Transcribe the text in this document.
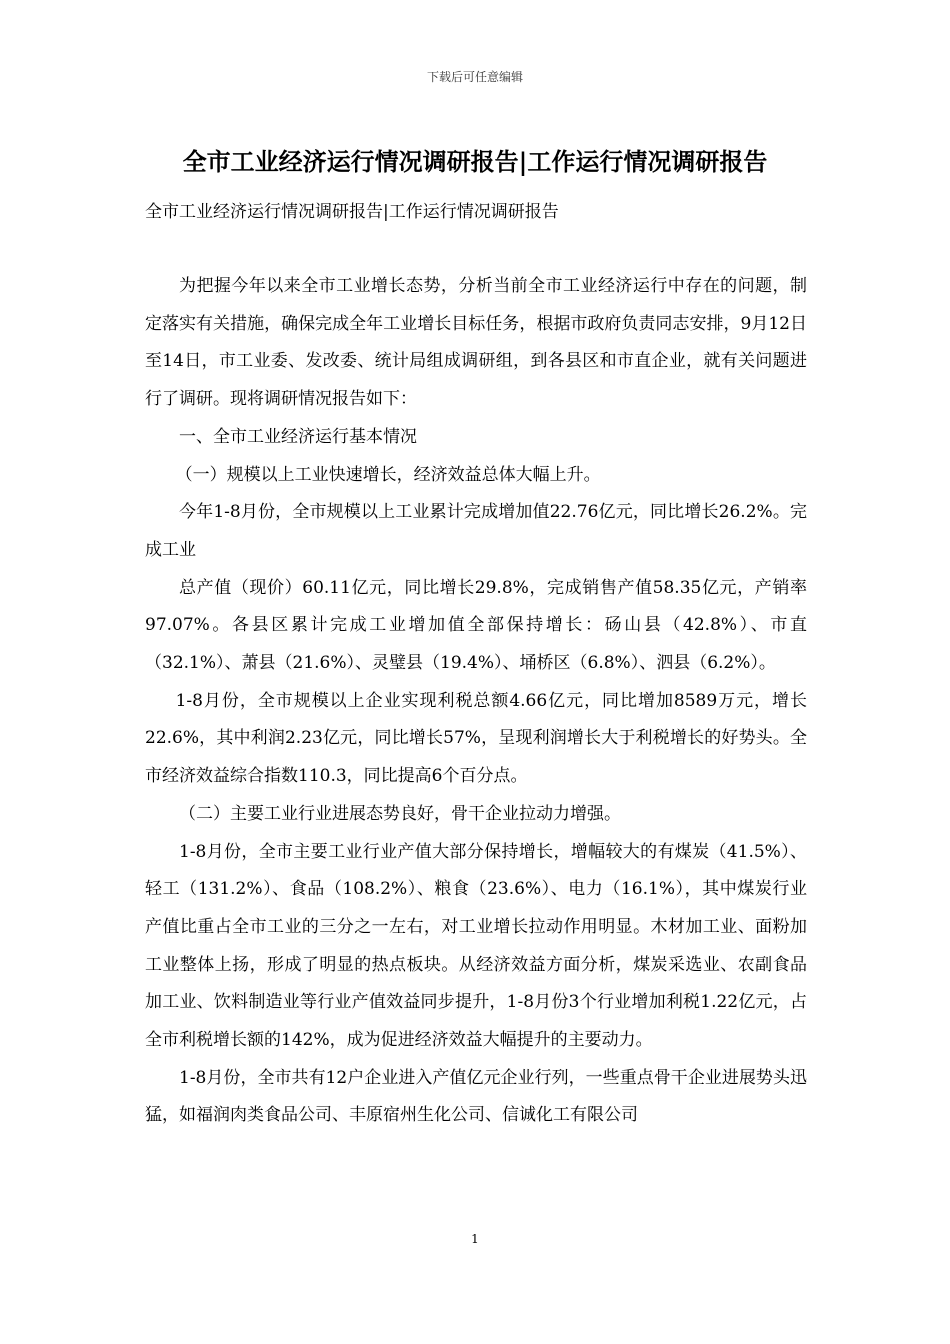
下载后可任意编辑
全市工业经济运行情况调研报告|工作运行情况调研报告
全市工业经济运行情况调研报告|工作运行情况调研报告

为把握今年以来全市工业增长态势，分析当前全市工业经济运行中存在的问题，制定落实有关措施，确保完成全年工业增长目标任务，根据市政府负责同志安排，9月12日至14日，市工业委、发改委、统计局组成调研组，到各县区和市直企业，就有关问题进行了调研。现将调研情况报告如下：

一、全市工业经济运行基本情况

（一）规模以上工业快速增长，经济效益总体大幅上升。

今年1-8月份，全市规模以上工业累计完成增加值22.76亿元，同比增长26.2%。完成工业

总产值（现价）60.11亿元，同比增长29.8%，完成销售产值58.35亿元，产销率97.07%。各县区累计完成工业增加值全部保持增长：砀山县（42.8%）、市直（32.1%）、萧县（21.6%）、灵璧县（19.4%）、埇桥区（6.8%）、泗县（6.2%）。

1-8月份，全市规模以上企业实现利税总额4.66亿元，同比增加8589万元，增长22.6%，其中利润2.23亿元，同比增长57%，呈现利润增长大于利税增长的好势头。全市经济效益综合指数110.3，同比提高6个百分点。

（二）主要工业行业进展态势良好，骨干企业拉动力增强。

1-8月份，全市主要工业行业产值大部分保持增长，增幅较大的有煤炭（41.5%）、轻工（131.2%）、食品（108.2%）、粮食（23.6%）、电力（16.1%），其中煤炭行业产值比重占全市工业的三分之一左右，对工业增长拉动作用明显。木材加工业、面粉加工业整体上扬，形成了明显的热点板块。从经济效益方面分析，煤炭采选业、农副食品加工业、饮料制造业等行业产值效益同步提升，1-8月份3个行业增加利税1.22亿元，占全市利税增长额的142%，成为促进经济效益大幅提升的主要动力。

1-8月份，全市共有12户企业进入产值亿元企业行列，一些重点骨干企业进展势头迅猛，如福润肉类食品公司、丰原宿州生化公司、信诚化工有限公司

1
